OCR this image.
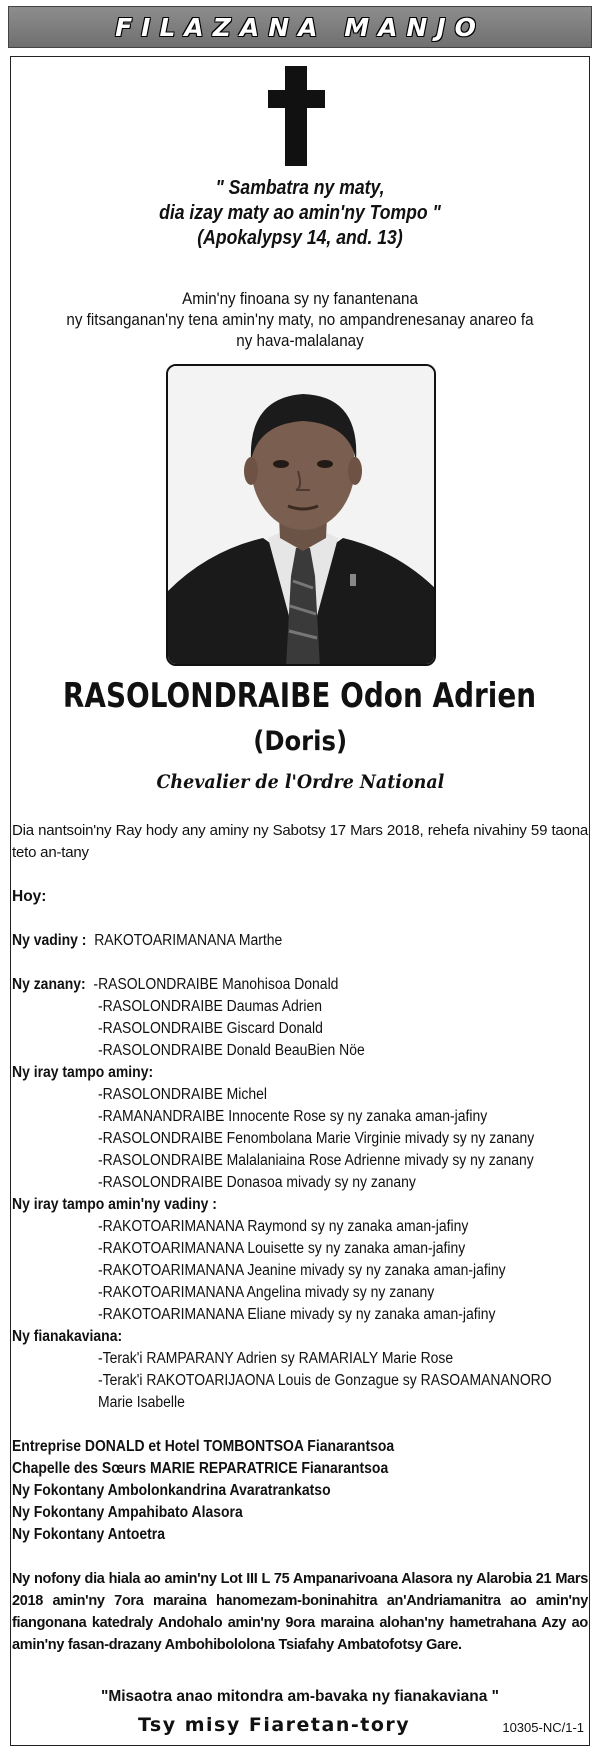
FILAZANA MANJO
" Sambatra ny maty,
dia izay maty ao amin'ny Tompo "
(Apokalypsy 14, and. 13)
Amin'ny finoana sy ny fanantenana
ny fitsanganan'ny tena amin'ny maty, no ampandrenesanay anareo fa
ny hava-malalanay
RASOLONDRAIBE Odon Adrien
(Doris)
Chevalier de l'Ordre National
Dia nantsoin'ny Ray hody any aminy ny Sabotsy 17 Mars 2018, rehefa nivahiny 59 taona teto an-tany
Hoy:
Ny vadiny : RAKOTOARIMANANA Marthe
Ny zanany: -RASOLONDRAIBE Manohisoa Donald
-RASOLONDRAIBE Daumas Adrien
-RASOLONDRAIBE Giscard Donald
-RASOLONDRAIBE Donald BeauBien Nöe
Ny iray tampo aminy:
-RASOLONDRAIBE Michel
-RAMANANDRAIBE Innocente Rose sy ny zanaka aman-jafiny
-RASOLONDRAIBE Fenombolana Marie Virginie mivady sy ny zanany
-RASOLONDRAIBE Malalaniaina Rose Adrienne mivady sy ny zanany
-RASOLONDRAIBE Donasoa mivady sy ny zanany
Ny iray tampo amin'ny vadiny :
-RAKOTOARIMANANA Raymond sy ny zanaka aman-jafiny
-RAKOTOARIMANANA Louisette sy ny zanaka aman-jafiny
-RAKOTOARIMANANA Jeanine mivady sy ny zanaka aman-jafiny
-RAKOTOARIMANANA Angelina mivady sy ny zanany
-RAKOTOARIMANANA Eliane mivady sy ny zanaka aman-jafiny
Ny fianakaviana:
-Terak'i RAMPARANY Adrien sy RAMARIALY Marie Rose
-Terak'i RAKOTOARIJAONA Louis de Gonzague sy RASOAMANANORO
Marie Isabelle
Entreprise DONALD et Hotel TOMBONTSOA Fianarantsoa
Chapelle des Sœurs MARIE REPARATRICE Fianarantsoa
Ny Fokontany Ambolonkandrina Avaratrankatso
Ny Fokontany Ampahibato Alasora
Ny Fokontany Antoetra
Ny nofony dia hiala ao amin'ny Lot III L 75 Ampanarivoana Alasora ny Alarobia 21 Mars 2018 amin'ny 7ora maraina hanomezam-boninahitra an'Andriamanitra ao amin'ny fiangonana katedraly Andohalo amin'ny 9ora maraina alohan'ny hametrahana Azy ao amin'ny fasan-drazany Ambohibololona Tsiafahy Ambatofotsy Gare.
"Misaotra anao mitondra am-bavaka ny fianakaviana "
Tsy misy Fiaretan-tory	10305-NC/1-1
